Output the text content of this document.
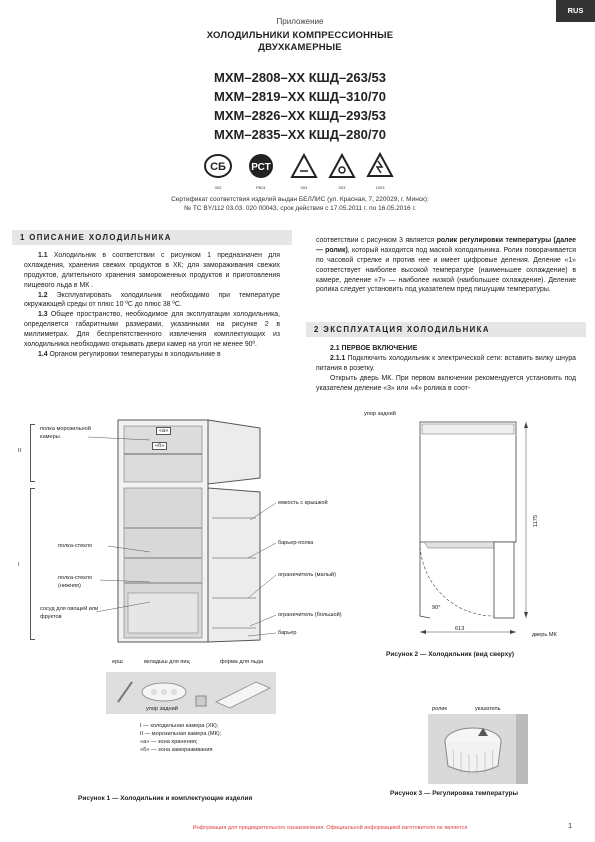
RUS
Приложение
ХОЛОДИЛЬНИКИ КОМПРЕССИОННЫЕ
ДВУХКАМЕРНЫЕ
МХМ–2808–ХХ КШД–263/53
МХМ–2819–ХХ КШД–310/70
МХМ–2826–ХХ КШД–293/53
МХМ–2835–ХХ КШД–280/70
СБ
002
РСТ
РБ01	003	003	1003
Сертификат соответствия изделий выдан БЕЛЛИС (ул. Красная, 7, 220029, г. Минск):
№ ТС BY/112 03.03. 020 00043, срок действия с 17.05.2011 г. по 16.05.2016 г.
1 ОПИСАНИЕ ХОЛОДИЛЬНИКА

1.1 Холодильник в соответствии с рисунком 1 предназначен для охлаждения, хранения свежих продуктов в ХК; для замораживания свежих продуктов, длительного хранения замороженных продуктов и приготовления пищевого льда в МК .

1.2 Эксплуатировать холодильник необходимо при температуре окружающей среды от плюс 10 ºС до плюс 38 ºС.

1.3 Общее пространство, необходимое для эксплуатации холодильника, определяется габаритными размерами, указанными на рисунке 2 в миллиметрах. Для беспрепятственного извлечения комплектующих из холодильника необходимо открывать двери камер на угол не менее 90º.

1.4 Органом регулировки температуры в холодильнике в

соответствии с рисунком 3 является ролик регулировки температуры (далее — ролик), который находится под маской холодильника. Ролик поворачивается по часовой стрелке и против нее и имеет цифровые деления. Деление «1» соответствует наиболее высокой температуре (наименьшее охлаждение) в камере, деление «7» — наиболее низкой (наибольшее охлаждение). Деление ролика следует установить под указателем пред пишущим температуры.

2 ЭКСПЛУАТАЦИЯ ХОЛОДИЛЬНИКА

2.1 ПЕРВОЕ ВКЛЮЧЕНИЕ

2.1.1 Подключить холодильник к электрической сети: вставить вилку шнура питания в розетку.

Открыть дверь МК. При первом включении рекомендуется установить под указателем деление «3» или «4» ролика в соот-

«а»
«б»
II
I
полка морозильной камеры
полка-стекло
полка-стекло (нижняя)
сосуд для овощей или фруктов
емкость с крышкой
барьер-полка
ограничитель (малый)
ограничитель (большой)
барьер
ерш	вкладыш для яиц	форма для льда
упор задний
I — холодильная камера (ХК);
II — морозильная камера (МК);
«а» — зона хранения;
«б» — зона замораживания
Рисунок 1 — Холодильник и комплектующие изделия
упор задний
1175
90°
613
дверь МК
Рисунок 2 — Холодильник (вид сверху)
ролик	указатель
Рисунок 3 — Регулировка температуры
Информация для предварительного ознакомления. Официальной информацией изготовителя не является	1
